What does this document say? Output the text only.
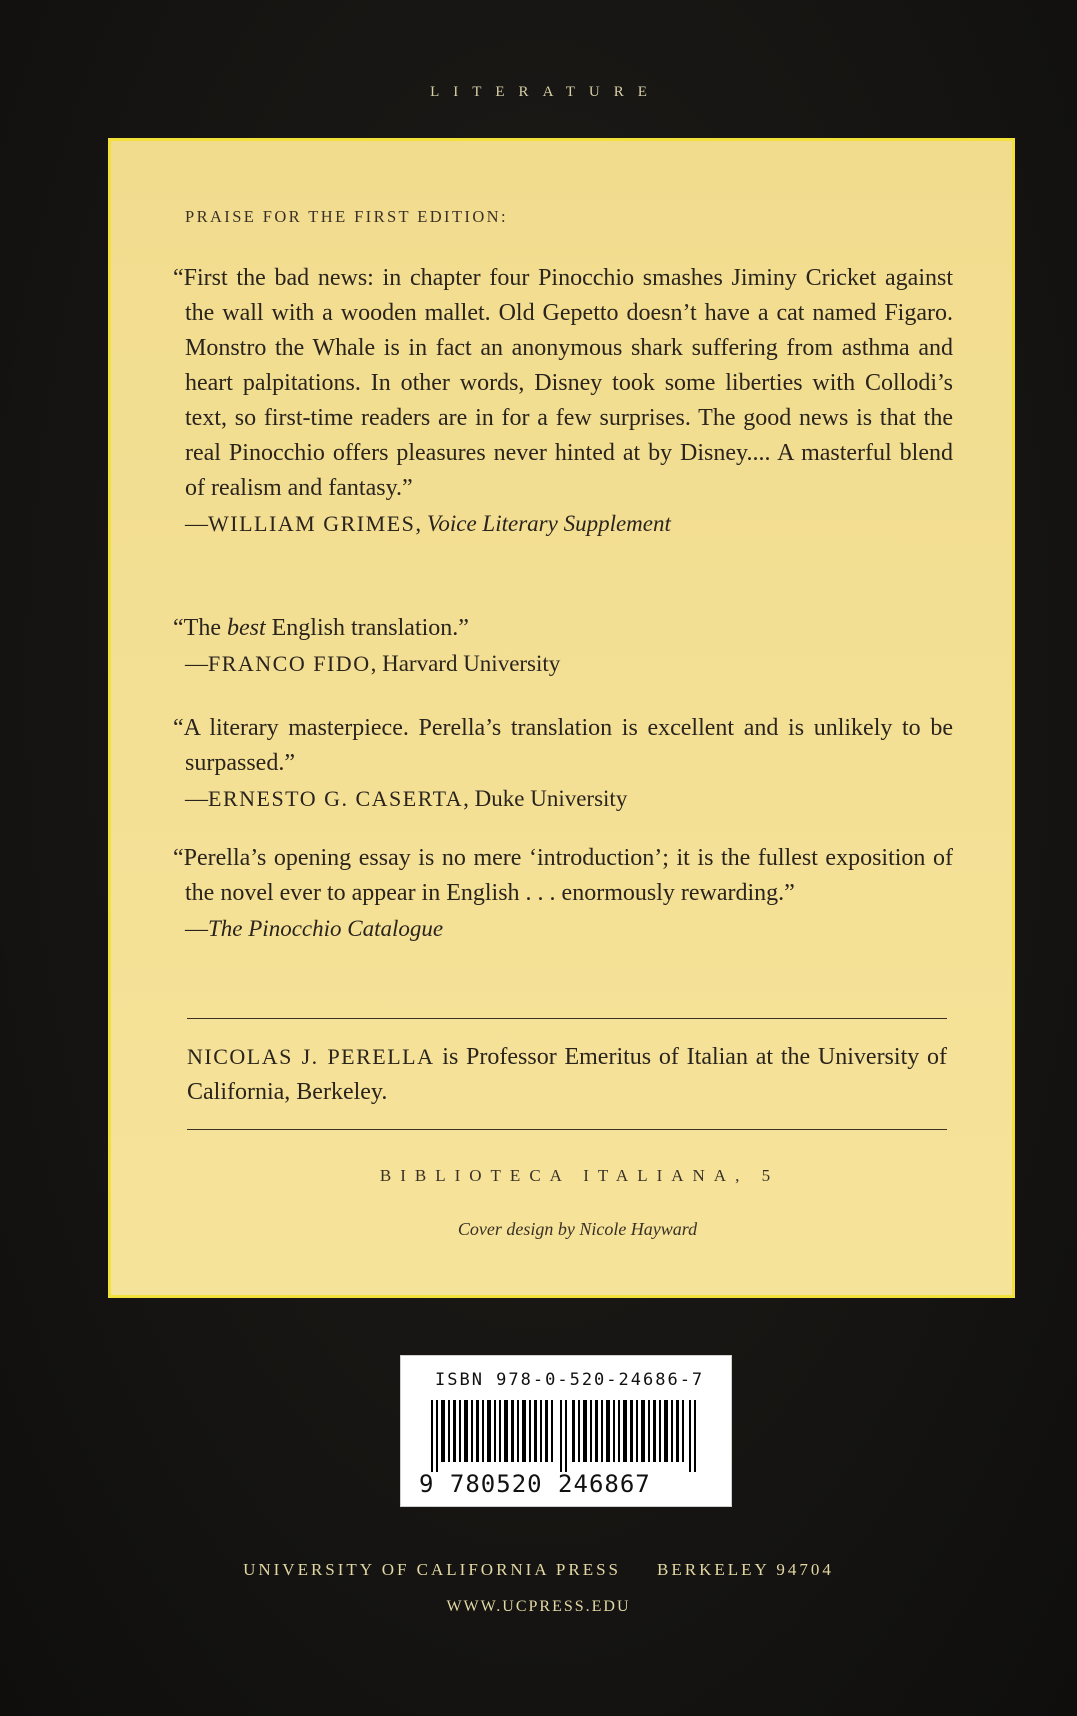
LITERATURE
PRAISE FOR THE FIRST EDITION:
“First the bad news: in chapter four Pinocchio smashes Jiminy Cricket against the wall with a wooden mallet. Old Gepetto doesn’t have a cat named Figaro. Monstro the Whale is in fact an anonymous shark suffering from asthma and heart palpitations. In other words, Disney took some liberties with Collodi’s text, so first-time readers are in for a few surprises. The good news is that the real Pinocchio offers pleasures never hinted at by Disney.... A masterful blend of realism and fantasy.”
—WILLIAM GRIMES, Voice Literary Supplement
“The best English translation.”
—FRANCO FIDO, Harvard University
“A literary masterpiece. Perella’s translation is excellent and is unlikely to be surpassed.”
—ERNESTO G. CASERTA, Duke University
“Perella’s opening essay is no mere ‘introduction’; it is the fullest exposition of the novel ever to appear in English . . . enormously rewarding.”
—The Pinocchio Catalogue
NICOLAS J. PERELLA is Professor Emeritus of Italian at the University of California, Berkeley.
BIBLIOTECA ITALIANA, 5
Cover design by Nicole Hayward
ISBN 978-0-520-24686-7
9 780520 246867
UNIVERSITY OF CALIFORNIA PRESS BERKELEY 94704
WWW.UCPRESS.EDU
